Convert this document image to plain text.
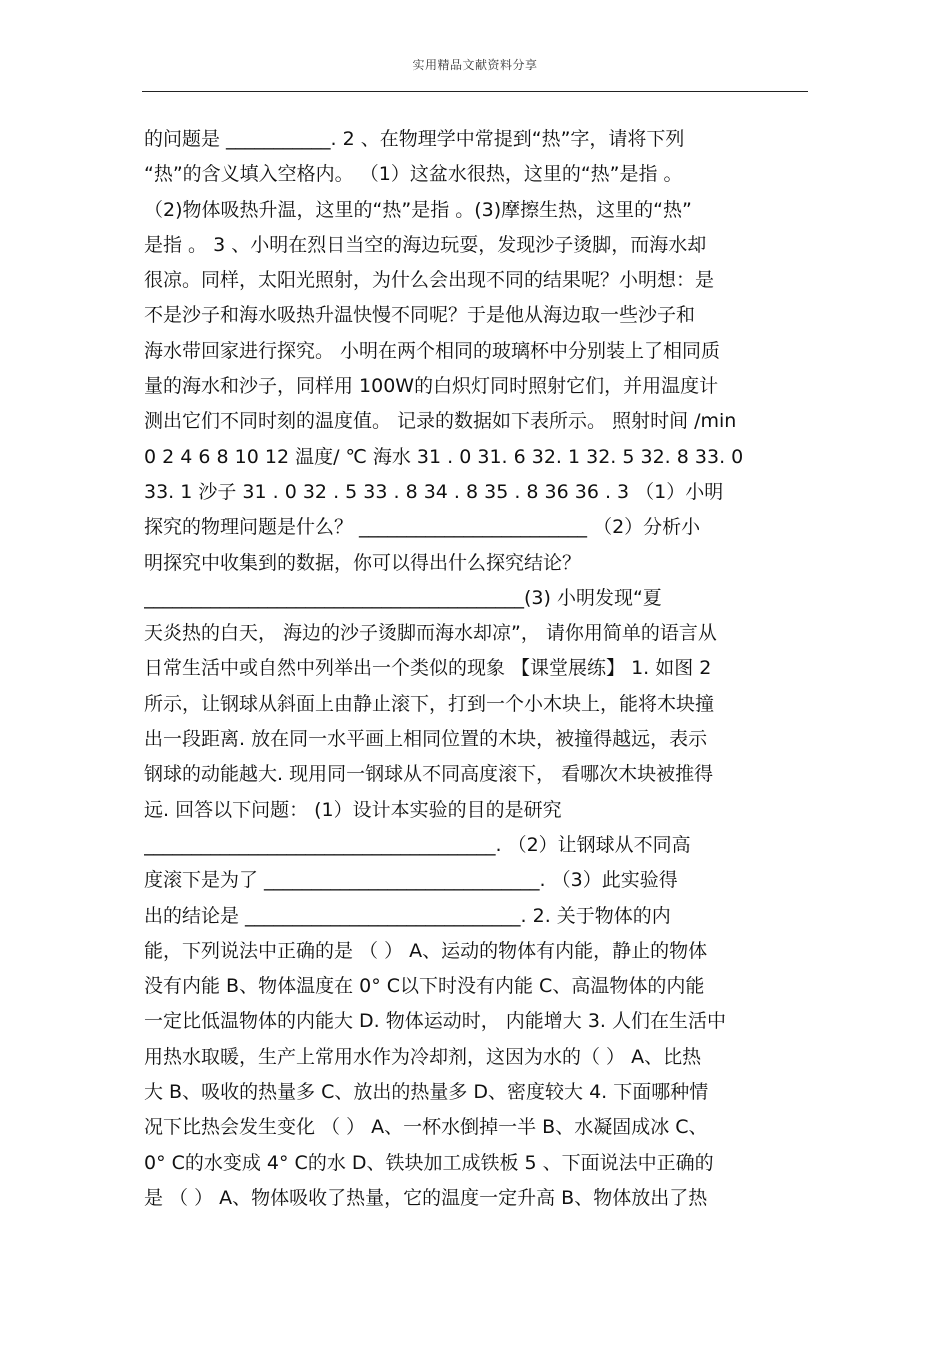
实用精品文献资料分享
的问题是 ___________. 2 、在物理学中常提到“热”字，请将下列
“热”的含义填入空格内。 （1）这盆水很热，这里的“热”是指 。
（2)物体吸热升温，这里的“热”是指 。(3)摩擦生热，这里的“热”
是指 。 3 、小明在烈日当空的海边玩耍，发现沙子烫脚，而海水却
很凉。同样，太阳光照射，为什么会出现不同的结果呢？小明想：是
不是沙子和海水吸热升温快慢不同呢？于是他从海边取一些沙子和
海水带回家进行探究。 小明在两个相同的玻璃杯中分别装上了相同质
量的海水和沙子，同样用 100W的白炽灯同时照射它们，并用温度计
测出它们不同时刻的温度值。 记录的数据如下表所示。 照射时间 /min
0 2 4 6 8 10 12 温度/ ℃ 海水 31 . 0 31. 6 32. 1 32. 5 32. 8 33. 0
33. 1 沙子 31 . 0 32 . 5 33 . 8 34 . 8 35 . 8 36 36 . 3 （1）小明
探究的物理问题是什么？ ________________________ （2）分析小
明探究中收集到的数据，你可以得出什么探究结论？
________________________________________(3) 小明发现“夏
天炎热的白天， 海边的沙子烫脚而海水却凉”， 请你用简单的语言从
日常生活中或自然中列举出一个类似的现象 【课堂展练】 1. 如图 2
所示，让钢球从斜面上由静止滚下，打到一个小木块上，能将木块撞
出一段距离. 放在同一水平画上相同位置的木块，被撞得越远，表示
钢球的动能越大. 现用同一钢球从不同高度滚下， 看哪次木块被推得
远. 回答以下问题： (1）设计本实验的目的是研究
_____________________________________. （2）让钢球从不同高
度滚下是为了 _____________________________. （3）此实验得
出的结论是 _____________________________. 2. 关于物体的内
能，下列说法中正确的是 （ ） A、运动的物体有内能，静止的物体
没有内能 B、物体温度在 0° C以下时没有内能 C、高温物体的内能
一定比低温物体的内能大 D. 物体运动时， 内能增大 3. 人们在生活中
用热水取暖，生产上常用水作为冷却剂，这因为水的（ ） A、比热
大 B、吸收的热量多 C、放出的热量多 D、密度较大 4. 下面哪种情
况下比热会发生变化 （ ） A、一杯水倒掉一半 B、水凝固成冰 C、
0° C的水变成 4° C的水 D、铁块加工成铁板 5 、下面说法中正确的
是 （ ） A、物体吸收了热量，它的温度一定升高 B、物体放出了热
